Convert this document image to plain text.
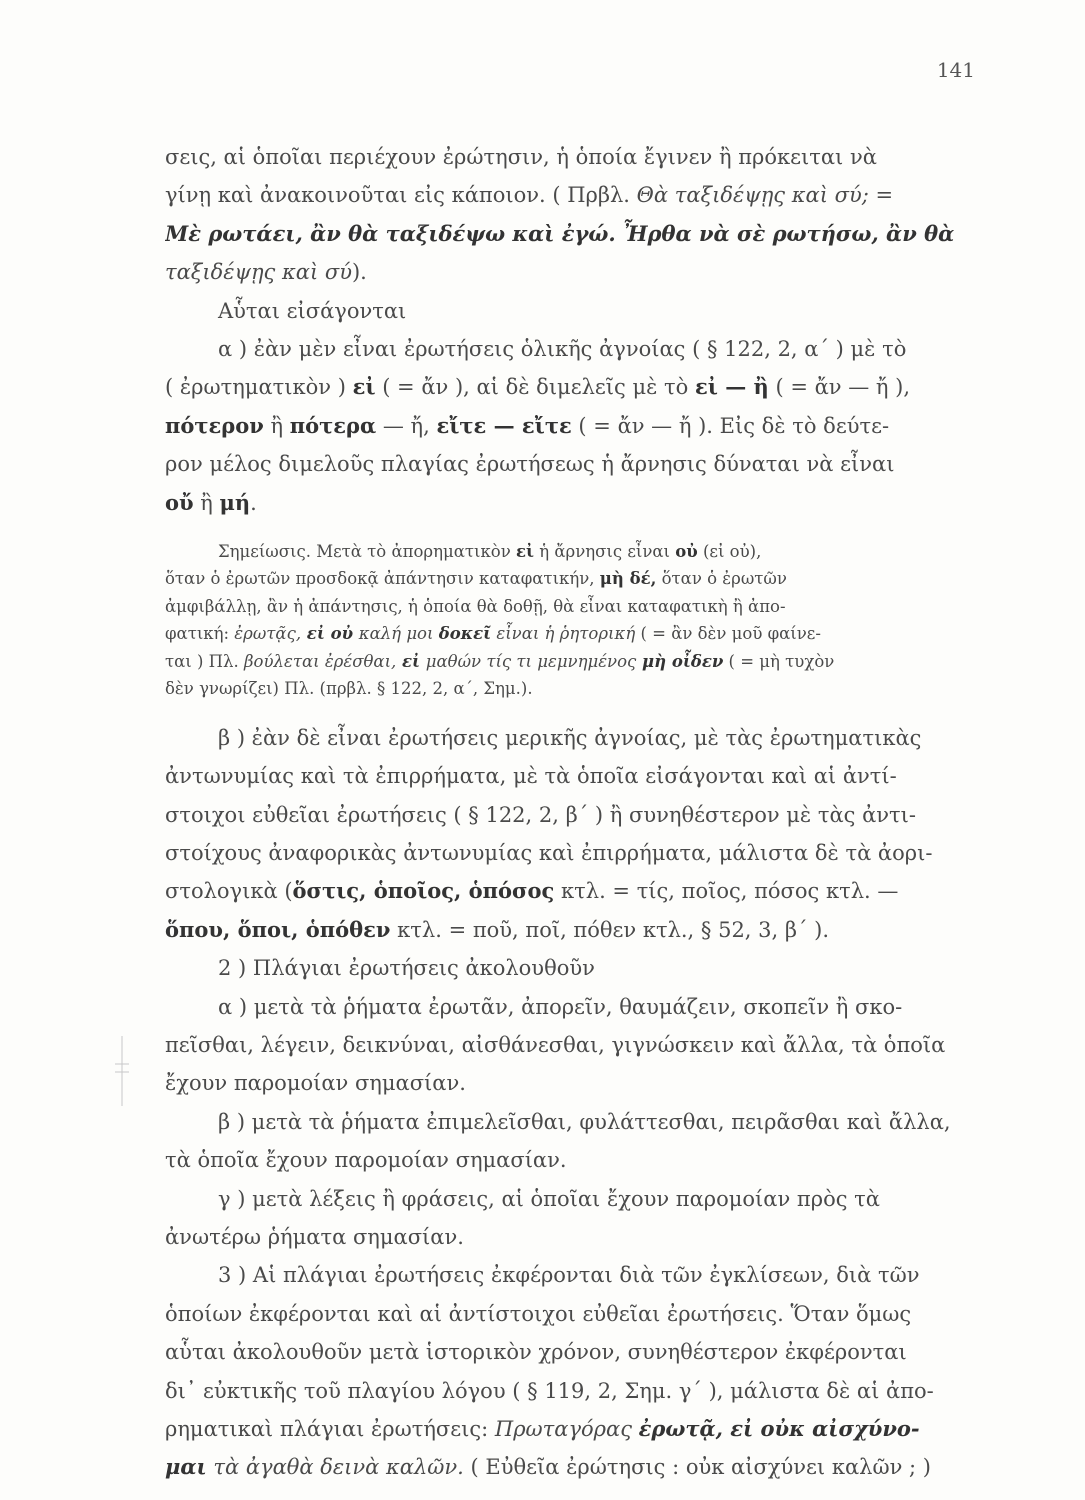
141
σεις, αἱ ὁποῖαι περιέχουν ἐρώτησιν, ἡ ὁποία ἔγινεν ἢ πρόκειται νὰ
γίνῃ καὶ ἀνακοινοῦται εἰς κάποιον. ( Πρβλ. Θὰ ταξιδέψῃς καὶ σύ; =
Μὲ ρωτάει, ἂν θὰ ταξιδέψω καὶ ἐγώ. Ἦρθα νὰ σὲ ρωτήσω, ἂν θὰ
ταξιδέψῃς καὶ σύ).
Αὗται εἰσάγονται
α ) ἐὰν μὲν εἶναι ἐρωτήσεις ὁλικῆς ἀγνοίας ( § 122, 2, α΄ ) μὲ τὸ
( ἐρωτηματικὸν ) εἰ ( = ἄν ), αἱ δὲ διμελεῖς μὲ τὸ εἰ — ἢ ( = ἄν — ἤ ),
πότερον ἢ πότερα — ἤ, εἴτε — εἴτε ( = ἄν — ἤ ). Εἰς δὲ τὸ δεύτε-
ρον μέλος διμελοῦς πλαγίας ἐρωτήσεως ἡ ἄρνησις δύναται νὰ εἶναι
οὔ ἢ μή.
Σημείωσις. Μετὰ τὸ ἀπορηματικὸν εἰ ἡ ἄρνησις εἶναι οὐ (εἰ οὐ),
ὅταν ὁ ἐρωτῶν προσδοκᾷ ἀπάντησιν καταφατικήν, μὴ δέ, ὅταν ὁ ἐρωτῶν
ἀμφιβάλλῃ, ἂν ἡ ἀπάντησις, ἡ ὁποία θὰ δοθῇ, θὰ εἶναι καταφατικὴ ἢ ἀπο-
φατική: ἐρωτᾷς, εἰ οὐ καλή μοι δοκεῖ εἶναι ἡ ῥητορική ( = ἂν δὲν μοῦ φαίνε-
ται ) Πλ. βούλεται ἐρέσθαι, εἰ μαθών τίς τι μεμνημένος μὴ οἶδεν ( = μὴ τυχὸν
δὲν γνωρίζει) Πλ. (πρβλ. § 122, 2, α΄, Σημ.).
β ) ἐὰν δὲ εἶναι ἐρωτήσεις μερικῆς ἀγνοίας, μὲ τὰς ἐρωτηματικὰς
ἀντωνυμίας καὶ τὰ ἐπιρρήματα, μὲ τὰ ὁποῖα εἰσάγονται καὶ αἱ ἀντί-
στοιχοι εὐθεῖαι ἐρωτήσεις ( § 122, 2, β΄ ) ἢ συνηθέστερον μὲ τὰς ἀντι-
στοίχους ἀναφορικὰς ἀντωνυμίας καὶ ἐπιρρήματα, μάλιστα δὲ τὰ ἀορι-
στολογικὰ (ὅστις, ὁποῖος, ὁπόσος κτλ. = τίς, ποῖος, πόσος κτλ. —
ὅπου, ὅποι, ὁπόθεν κτλ. = ποῦ, ποῖ, πόθεν κτλ., § 52, 3, β΄ ).
2 ) Πλάγιαι ἐρωτήσεις ἀκολουθοῦν
α ) μετὰ τὰ ῥήματα ἐρωτᾶν, ἀπορεῖν, θαυμάζειν, σκοπεῖν ἢ σκο-
πεῖσθαι, λέγειν, δεικνύναι, αἰσθάνεσθαι, γιγνώσκειν καὶ ἄλλα, τὰ ὁποῖα
ἔχουν παρομοίαν σημασίαν.
β ) μετὰ τὰ ῥήματα ἐπιμελεῖσθαι, φυλάττεσθαι, πειρᾶσθαι καὶ ἄλλα,
τὰ ὁποῖα ἔχουν παρομοίαν σημασίαν.
γ ) μετὰ λέξεις ἢ φράσεις, αἱ ὁποῖαι ἔχουν παρομοίαν πρὸς τὰ
ἀνωτέρω ῥήματα σημασίαν.
3 ) Αἱ πλάγιαι ἐρωτήσεις ἐκφέρονται διὰ τῶν ἐγκλίσεων, διὰ τῶν
ὁποίων ἐκφέρονται καὶ αἱ ἀντίστοιχοι εὐθεῖαι ἐρωτήσεις. Ὅταν ὅμως
αὗται ἀκολουθοῦν μετὰ ἱστορικὸν χρόνον, συνηθέστερον ἐκφέρονται
δι᾽ εὐκτικῆς τοῦ πλαγίου λόγου ( § 119, 2, Σημ. γ΄ ), μάλιστα δὲ αἱ ἀπο-
ρηματικαὶ πλάγιαι ἐρωτήσεις: Πρωταγόρας ἐρωτᾷ, εἰ οὐκ αἰσχύνο-
μαι τὰ ἀγαθὰ δεινὰ καλῶν. ( Εὐθεῖα ἐρώτησις : οὐκ αἰσχύνει καλῶν ; )
